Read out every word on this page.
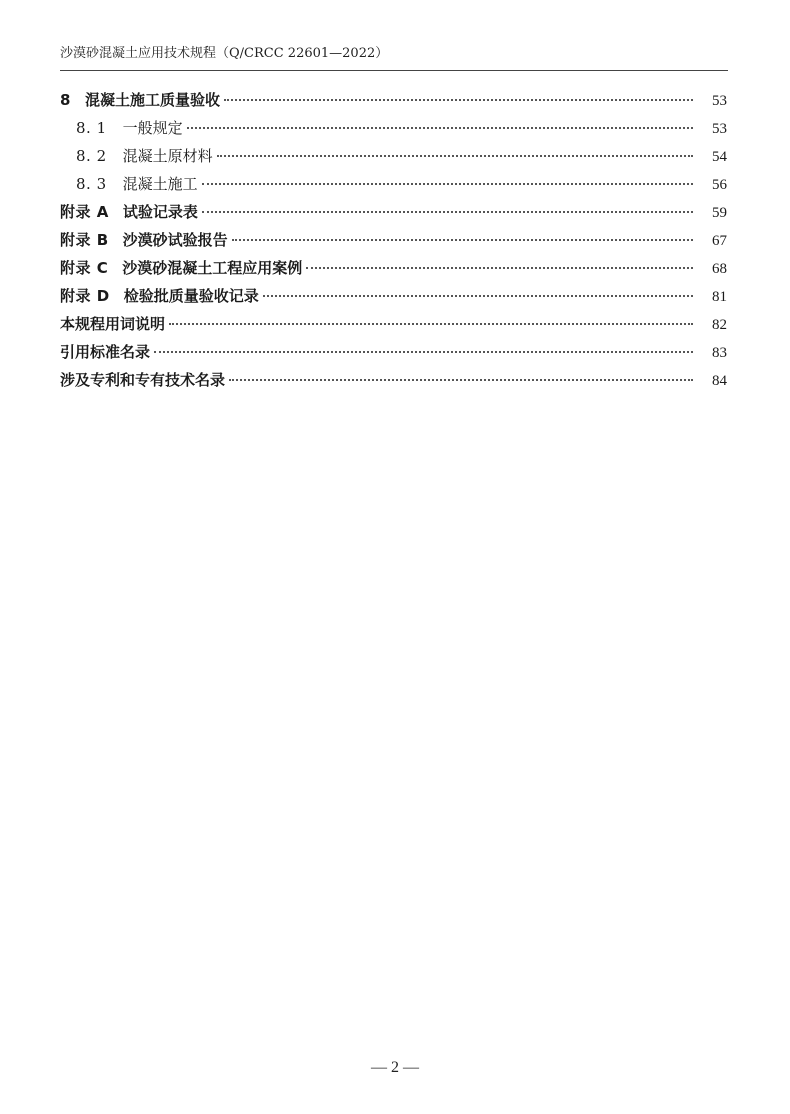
沙漠砂混凝土应用技术规程（Q/CRCC 22601—2022）
8 混凝土施工质量验收	53
8. 1 一般规定	53
8. 2 混凝土原材料	54
8. 3 混凝土施工	56
附录 A 试验记录表	59
附录 B 沙漠砂试验报告	67
附录 C 沙漠砂混凝土工程应用案例	68
附录 D 检验批质量验收记录	81
本规程用词说明	82
引用标准名录	83
涉及专利和专有技术名录	84
— 2 —
